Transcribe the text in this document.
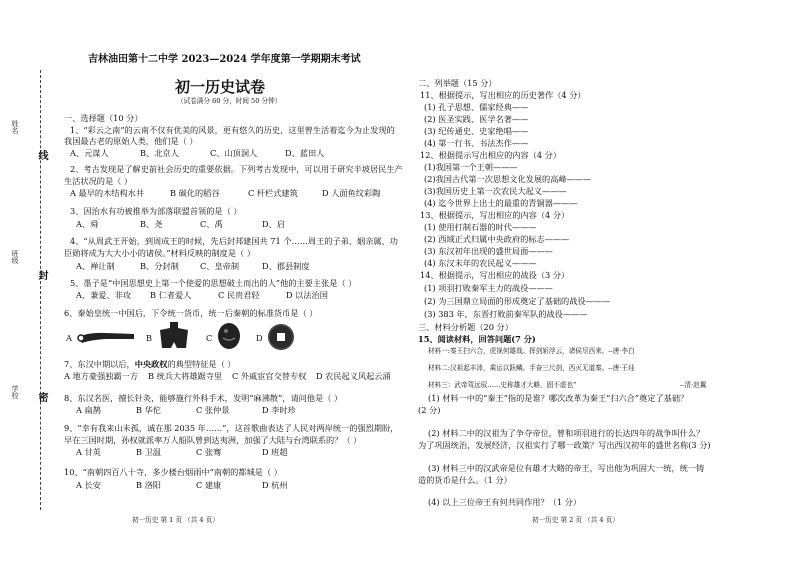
姓名
班级
学校
线
封
密
吉林油田第十二中学 2023—2024 学年度第一学期期末考试
初一历史试卷
（试卷满分 60 分，时间 50 分钟）
一、选择题（10 分）
1、“彩云之南”的云南不仅有优美的风景，更有悠久的历史，这里曾生活着迄今为止发现的
我国最古老的原始人类，他们是（ ）
A、元谋人	B、北京人	C、山顶洞人	D、蓝田人
2、考古发现是了解史前社会历史的重要依据。下列考古发现中，可以用于研究半坡居民生产
生活状况的是（ ）
A 最早的木结构水井	B 碳化的稻谷	C 杆栏式建筑	D 人面鱼纹彩陶
3、因治水有功被推举为部落联盟首领的是（ ）
A、舜	B、尧	C、禹	D、启
4、“从周武王开始，到周成王的时候，先后封邦建国共 71 个……周王的子弟、姻亲属、功
臣勋将成为大大小小的诸侯。”材料反映的制度是（ ）
A、禅让制	B、分封制	C、皇帝制	D、郡县制度
5、墨子是“中国思想史上第一个使爱的思想破土而出的人”他的主要主张是（ ）
A、兼爱、非攻 B 仁者爱人	C 民贵君轻	D 以法治国
6、秦始皇统一中国后，下令统一货币，统一后秦朝的标准货币是（ ）
A	B	C	D
7、东汉中期以后，中央政权的典型特征是（ ）
A 地方豪强独霸一方 B 统兵大将雄踞寺里 C 外戚宦官交替专权 D 农民起义风起云涌
8、东汉名医，擅长针灸，能够施行外科手术，发明“麻沸散”，请问他是（ ）
A 扁鹊	B 华佗	C 张仲景	D 李时珍
9、“幸有我来山未孤，诚在那 2035 年……”，这首歌曲表达了人民对两岸统一的强烈期盼，
早在三国时期，孙权就派率万人船队曾到达夷洲，加强了大陆与台湾联系的？（ ）
A 甘英	B 卫温	C 张骞	D 班超
10、“南朝四百八十寺，多少楼台烟雨中”南朝的都城是（ ）
A 长安	B 洛阳	C 建康	D 杭州
初一历史 第 1 页 （共 4 页）
二、列举题（15 分）
11、根据提示，写出相应的历史著作（4 分）
(1) 孔子思想、儒家经典——
(2) 医圣实践、医学名著——
(3) 纪传通史、史家绝唱——
(4) 第一行书、书法杰作——
12、根据提示写出相应的内容（4 分）
(1)我国第一个王朝———
(2)我国古代第一次思想文化发展的高峰———
(3)我国历史上第一次农民大起义———
(4) 迄今世界上出土的最重的青铜器———
13、根据提示，写出相应的内容（4 分）
(1) 使用打制石器的时代———
(2) 西域正式归属中央政府的标志———
(3) 东汉初年出现的盛世局面———
(4) 东汉末年的农民起义———
14、根据提示，写出相应的战役（3 分）
(1) 项羽打败秦军主力的战役———
(2) 为三国鼎立局面的形成奠定了基础的战役———
(3) 383 年，东晋打败前秦军队的战役———
三、材料分析题（20 分）
15、阅读材料，回答问题(7 分)
材料一:秦王扫六合，虎视何雄哉。挥剑斩浮云，诸侯尽西来。--唐·李白
材料二:汉祖起丰沛，乘运以跃鳞。手奋三尺剑，西灭无道秦。--唐·王珪
材料三：武帝驾远驭……史称雄才大略，固不虚也”	--清·赵翼
(1) 材料一中的“秦王”指的是谁？哪次改革为秦王“扫六合”奠定了基础？
(2 分)
(2) 材料二中的汉祖为了争夺帝位，曾和项羽进行的长达四年的战争叫什么？
为了巩固统治，发展经济，汉祖实行了哪一政策？写出西汉初年的盛世名称(3 分)
(3) 材料三中的汉武帝是位有雄才大略的帝王，写出他为巩固大一统，统一铸
造的货币是什么。（1 分）
(4) 以上三位帝王有何共同作用？（1 分）
初一历史 第 2 页 （共 4 页）
